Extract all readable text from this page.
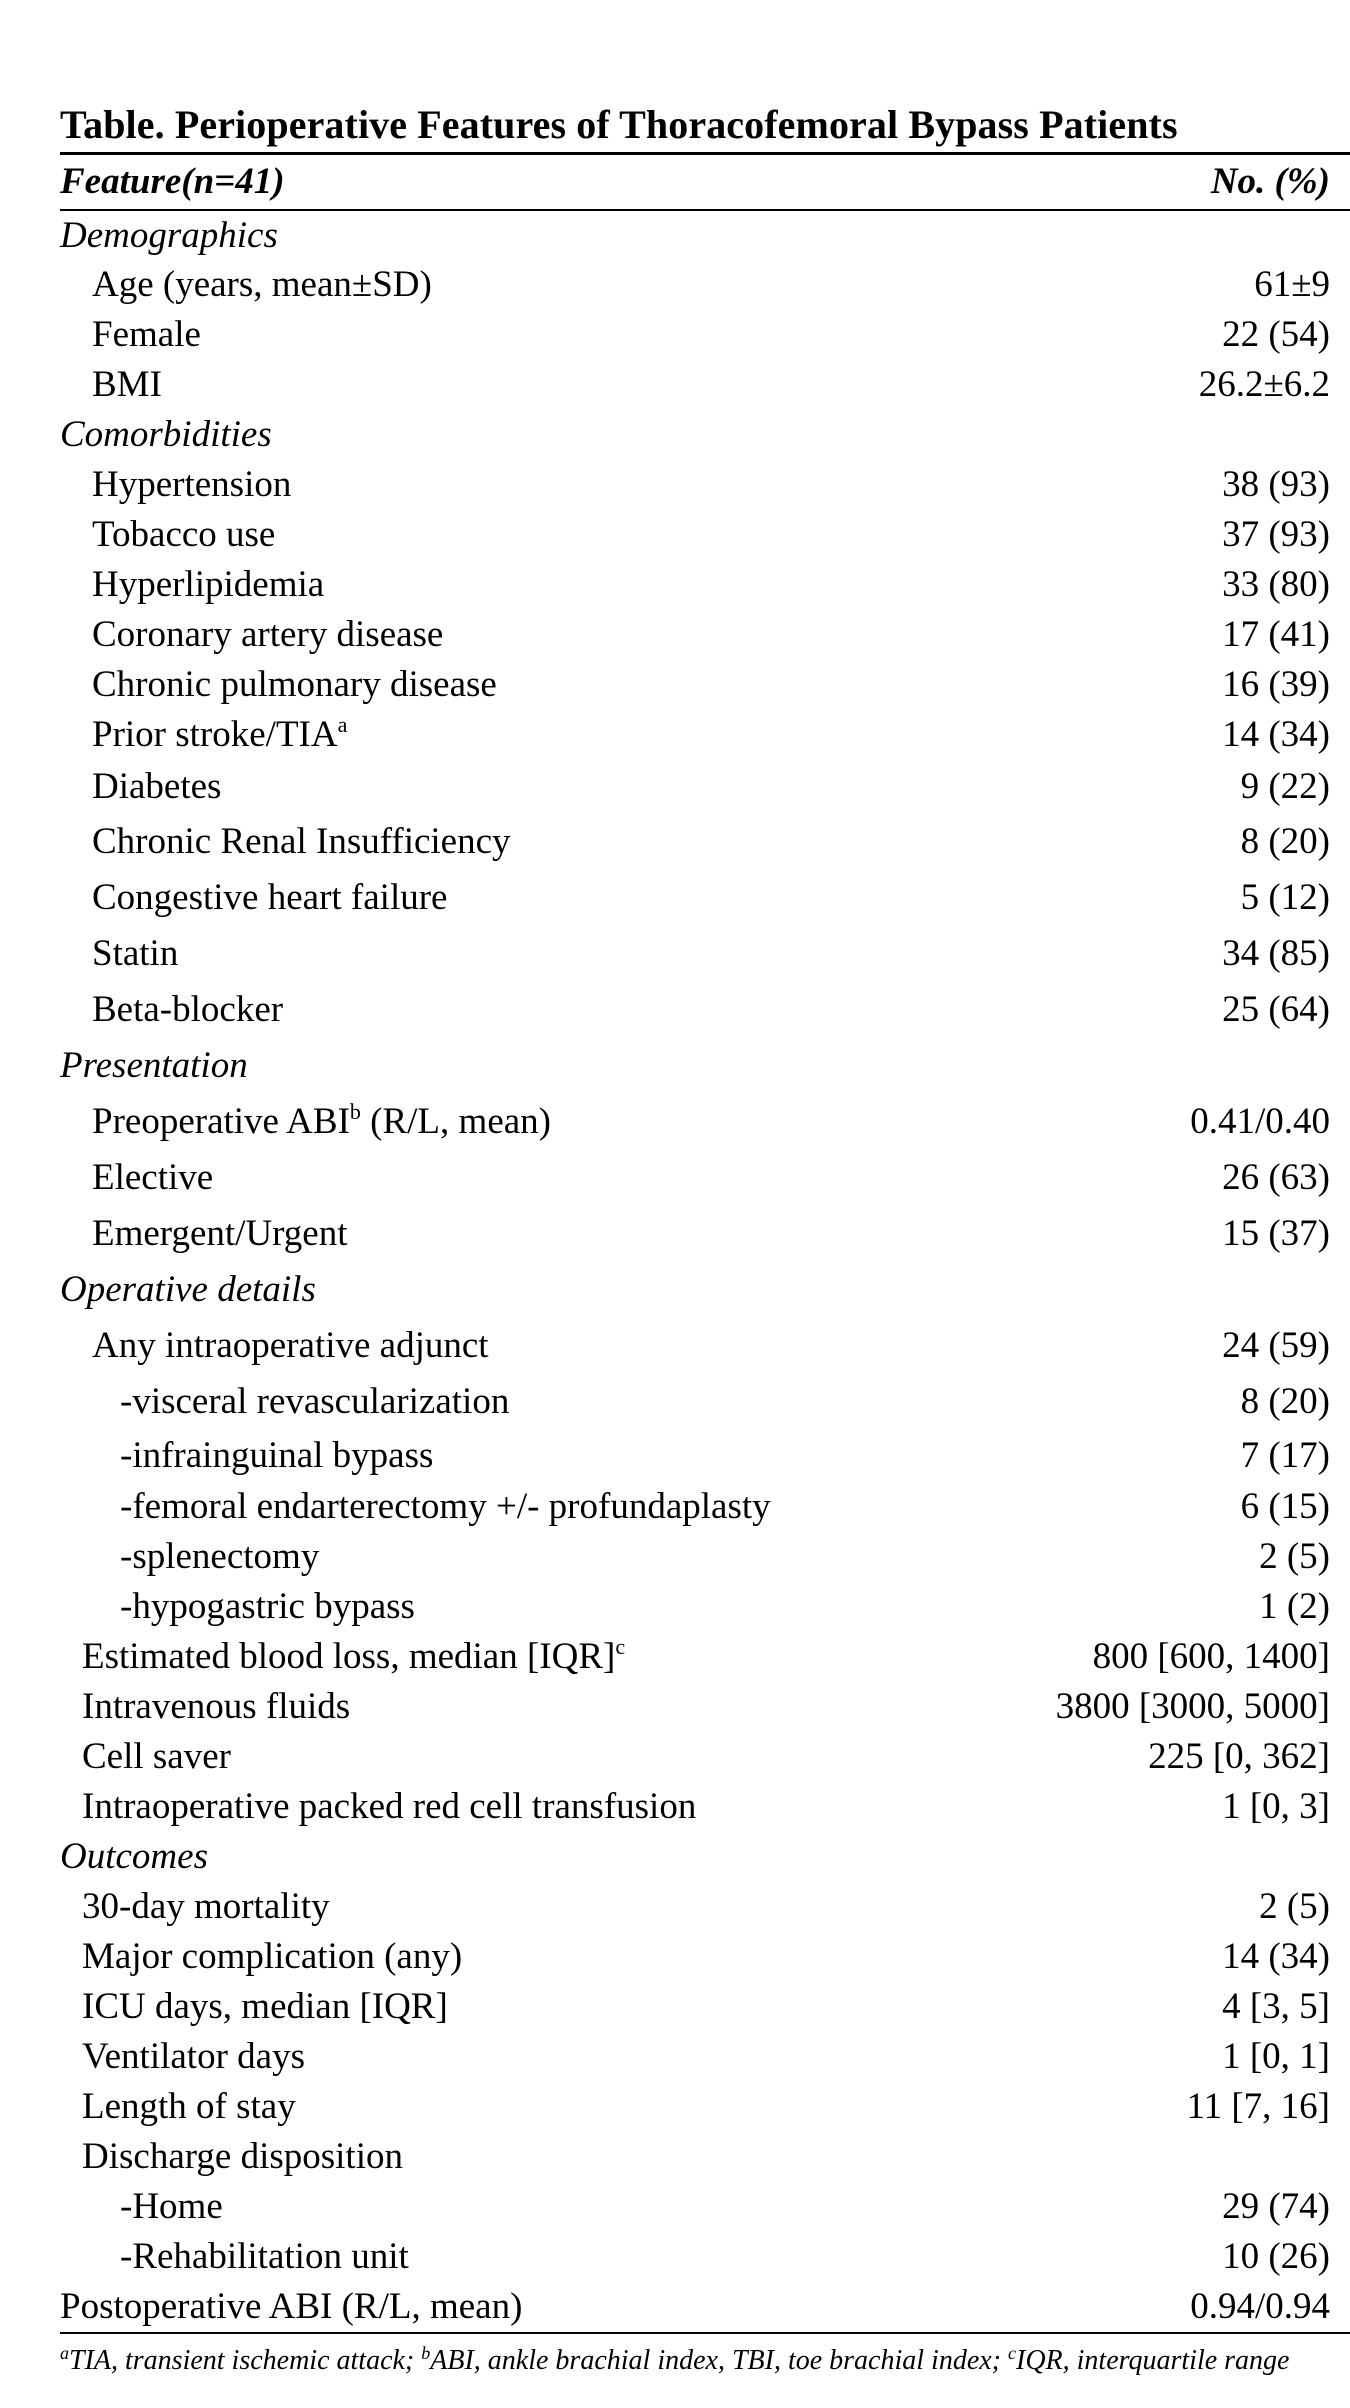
Table. Perioperative Features of Thoracofemoral Bypass Patients
Feature(n=41)	No. (%)
Demographics
Age (years, mean±SD)	61±9
Female	22 (54)
BMI	26.2±6.2
Comorbidities
Hypertension	38 (93)
Tobacco use	37 (93)
Hyperlipidemia	33 (80)
Coronary artery disease	17 (41)
Chronic pulmonary disease	16 (39)
Prior stroke/TIA$^a$	14 (34)
Diabetes	9 (22)
Chronic Renal Insufficiency	8 (20)
Congestive heart failure	5 (12)
Statin	34 (85)
Beta-blocker	25 (64)
Presentation
Preoperative ABI$^b$ (R/L, mean)	0.41/0.40
Elective	26 (63)
Emergent/Urgent	15 (37)
Operative details
Any intraoperative adjunct	24 (59)
-visceral revascularization	8 (20)
-infrainguinal bypass	7 (17)
-femoral endarterectomy +/- profundaplasty	6 (15)
-splenectomy	2 (5)
-hypogastric bypass	1 (2)
Estimated blood loss, median [IQR]$^c$	800 [600, 1400]
Intravenous fluids	3800 [3000, 5000]
Cell saver	225 [0, 362]
Intraoperative packed red cell transfusion	1 [0, 3]
Outcomes
30-day mortality	2 (5)
Major complication (any)	14 (34)
ICU days, median [IQR]	4 [3, 5]
Ventilator days	1 [0, 1]
Length of stay	11 [7, 16]
Discharge disposition
-Home	29 (74)
-Rehabilitation unit	10 (26)
Postoperative ABI (R/L, mean)	0.94/0.94
$^a$TIA, transient ischemic attack; $^b$ABI, ankle brachial index, TBI, toe brachial index; $^c$IQR, interquartile range
